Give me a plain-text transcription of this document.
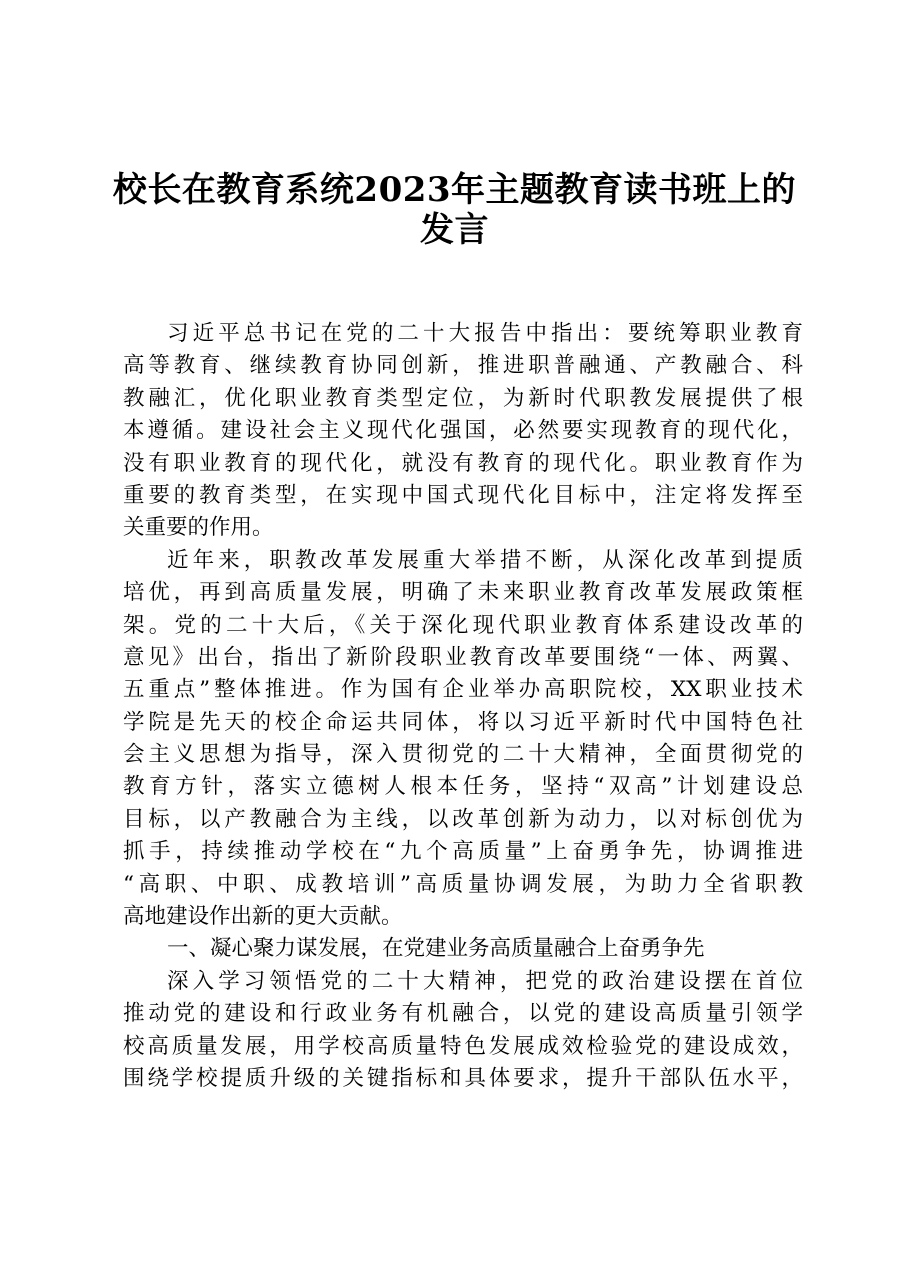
校长在教育系统2023年主题教育读书班上的
发言
习近平总书记在党的二十大报告中指出：要统筹职业教育
高等教育、继续教育协同创新，推进职普融通、产教融合、科
教融汇，优化职业教育类型定位，为新时代职教发展提供了根
本遵循。建设社会主义现代化强国，必然要实现教育的现代化，
没有职业教育的现代化，就没有教育的现代化。职业教育作为
重要的教育类型，在实现中国式现代化目标中，注定将发挥至
关重要的作用。
近年来，职教改革发展重大举措不断，从深化改革到提质
培优，再到高质量发展，明确了未来职业教育改革发展政策框
架。党的二十大后，《关于深化现代职业教育体系建设改革的
意见》出台，指出了新阶段职业教育改革要围绕“一体、两翼、
五重点”整体推进。作为国有企业举办高职院校，XX职业技术
学院是先天的校企命运共同体，将以习近平新时代中国特色社
会主义思想为指导，深入贯彻党的二十大精神，全面贯彻党的
教育方针，落实立德树人根本任务，坚持“双高”计划建设总
目标，以产教融合为主线，以改革创新为动力，以对标创优为
抓手，持续推动学校在“九个高质量”上奋勇争先，协调推进
“高职、中职、成教培训”高质量协调发展，为助力全省职教
高地建设作出新的更大贡献。
一、凝心聚力谋发展，在党建业务高质量融合上奋勇争先
深入学习领悟党的二十大精神，把党的政治建设摆在首位
推动党的建设和行政业务有机融合，以党的建设高质量引领学
校高质量发展，用学校高质量特色发展成效检验党的建设成效，
围绕学校提质升级的关键指标和具体要求，提升干部队伍水平，
